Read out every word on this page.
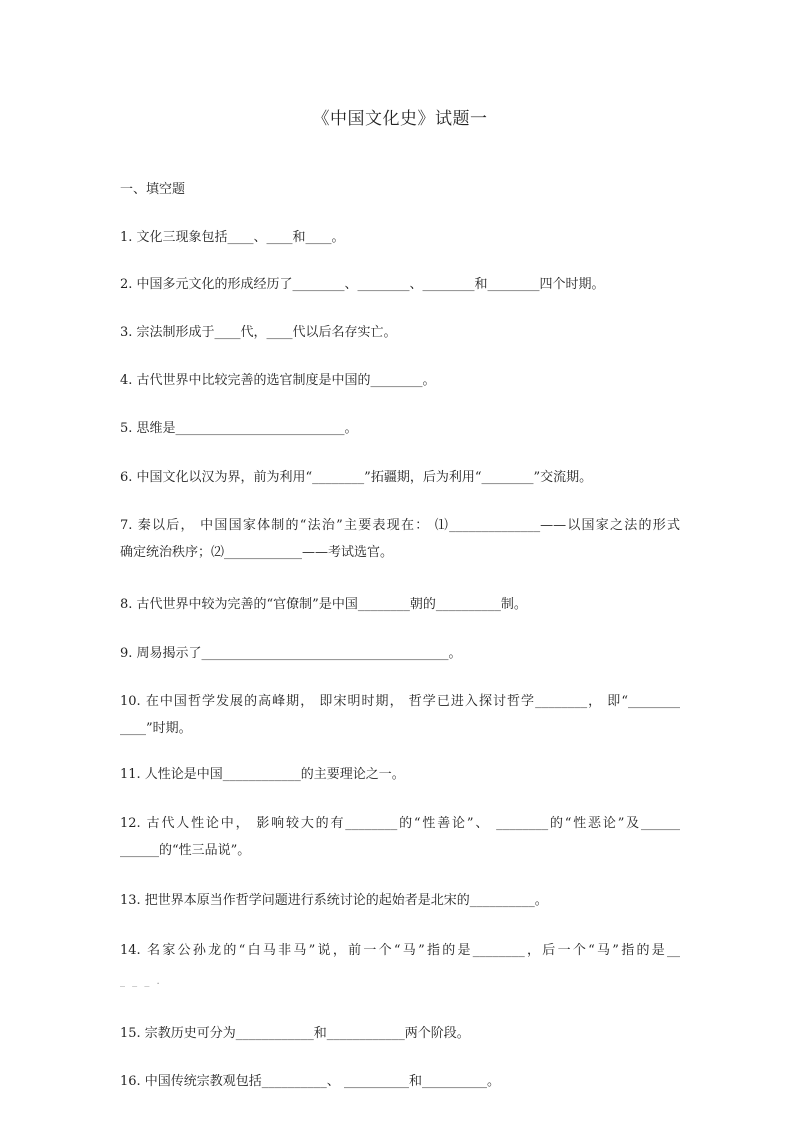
《中国文化史》试题一
一、填空题
1. 文化三现象包括____、____和____。
2. 中国多元文化的形成经历了________、________、________和________四个时期。
3. 宗法制形成于____代，____代以后名存实亡。
4. 古代世界中比较完善的选官制度是中国的________。
5. 思维是__________________________。
6. 中国文化以汉为界，前为利用“________”拓疆期，后为利用“________”交流期。
7. 秦以后， 中国国家体制的“法治”主要表现在： ⑴______________——以国家之法的形式
确定统治秩序；⑵____________——考试选官。
8. 古代世界中较为完善的“官僚制”是中国________朝的__________制。
9. 周易揭示了______________________________________。
10. 在中国哲学发展的高峰期， 即宋明时期， 哲学已进入探讨哲学________， 即“________
____”时期。
11. 人性论是中国____________的主要理论之一。
12. 古代人性论中， 影响较大的有________的“性善论”、 ________的“性恶论”及______
______的“性三品说”。
13. 把世界本原当作哲学问题进行系统讨论的起始者是北宋的__________。
14. 名家公孙龙的“白马非马”说，前一个“马”指的是________，后一个“马”指的是__
_ _ _ .
15. 宗教历史可分为____________和____________两个阶段。
16. 中国传统宗教观包括__________、 __________和__________。
